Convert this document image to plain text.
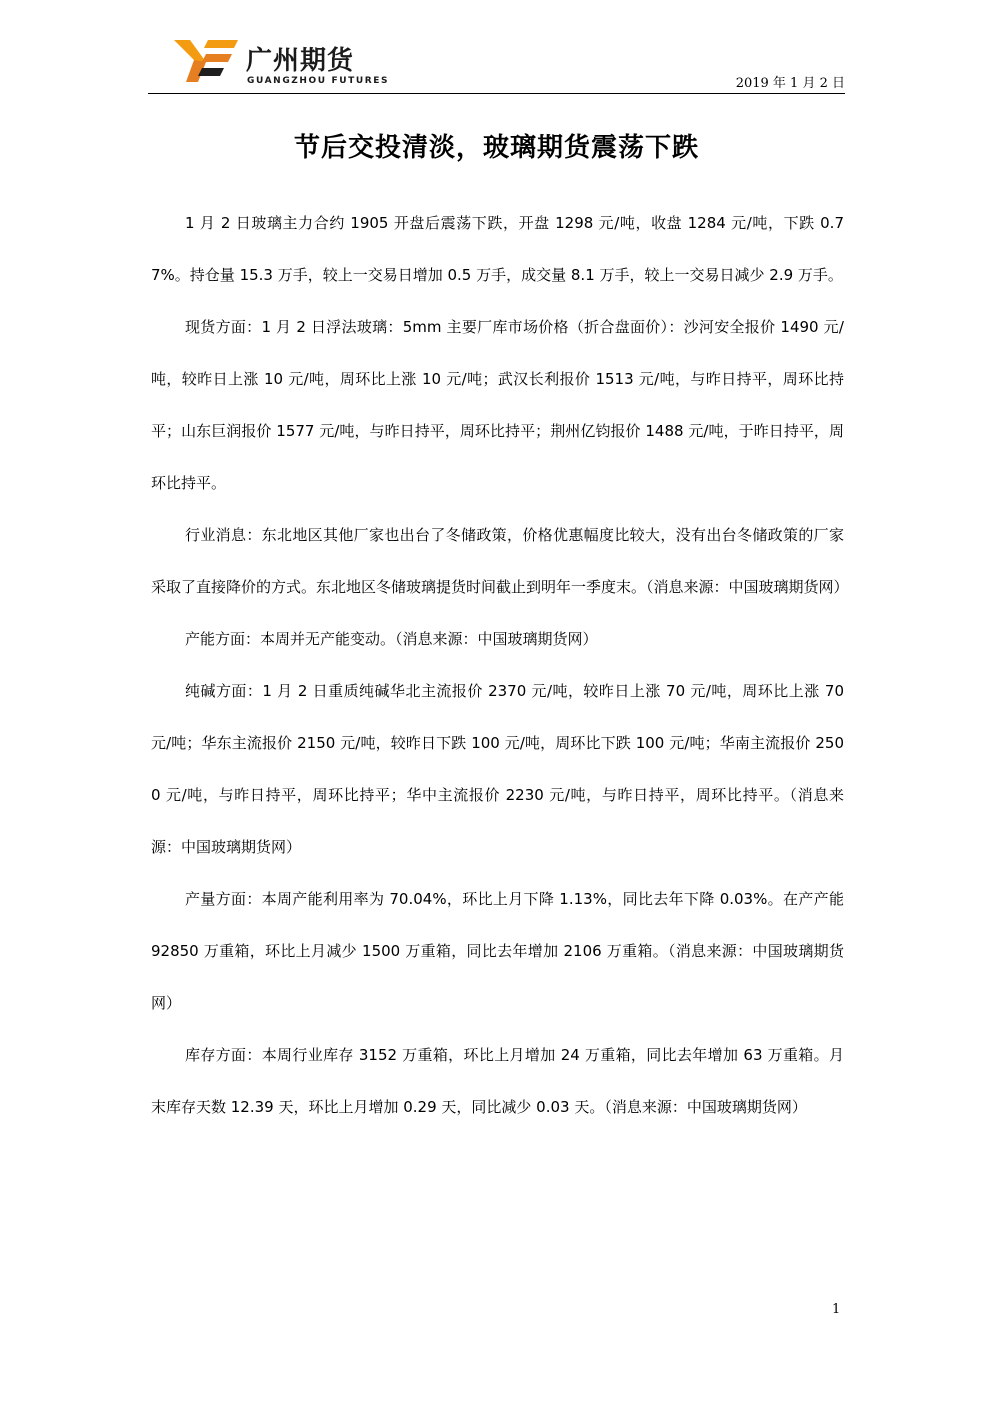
广州期货
GUANGZHOU FUTURES	2019 年 1 月 2 日
节后交投清淡，玻璃期货震荡下跌

1 月 2 日玻璃主力合约 1905 开盘后震荡下跌，开盘 1298 元/吨，收盘 1284 元/吨，下跌 0.77%。持仓量 15.3 万手，较上一交易日增加 0.5 万手，成交量 8.1 万手，较上一交易日减少 2.9 万手。

现货方面：1 月 2 日浮法玻璃：5mm 主要厂库市场价格（折合盘面价）：沙河安全报价 1490 元/吨，较昨日上涨 10 元/吨，周环比上涨 10 元/吨；武汉长利报价 1513 元/吨，与昨日持平，周环比持平；山东巨润报价 1577 元/吨，与昨日持平，周环比持平；荆州亿钧报价 1488 元/吨，于昨日持平，周环比持平。

行业消息：东北地区其他厂家也出台了冬储政策，价格优惠幅度比较大，没有出台冬储政策的厂家采取了直接降价的方式。东北地区冬储玻璃提货时间截止到明年一季度末。（消息来源：中国玻璃期货网）

产能方面：本周并无产能变动。（消息来源：中国玻璃期货网）

纯碱方面：1 月 2 日重质纯碱华北主流报价 2370 元/吨，较昨日上涨 70 元/吨，周环比上涨 70 元/吨；华东主流报价 2150 元/吨，较昨日下跌 100 元/吨，周环比下跌 100 元/吨；华南主流报价 2500 元/吨，与昨日持平，周环比持平；华中主流报价 2230 元/吨，与昨日持平，周环比持平。（消息来源：中国玻璃期货网）

产量方面：本周产能利用率为 70.04%，环比上月下降 1.13%，同比去年下降 0.03%。在产产能 92850 万重箱，环比上月减少 1500 万重箱，同比去年增加 2106 万重箱。（消息来源：中国玻璃期货网）

库存方面：本周行业库存 3152 万重箱，环比上月增加 24 万重箱，同比去年增加 63 万重箱。月末库存天数 12.39 天，环比上月增加 0.29 天，同比减少 0.03 天。（消息来源：中国玻璃期货网）

1
